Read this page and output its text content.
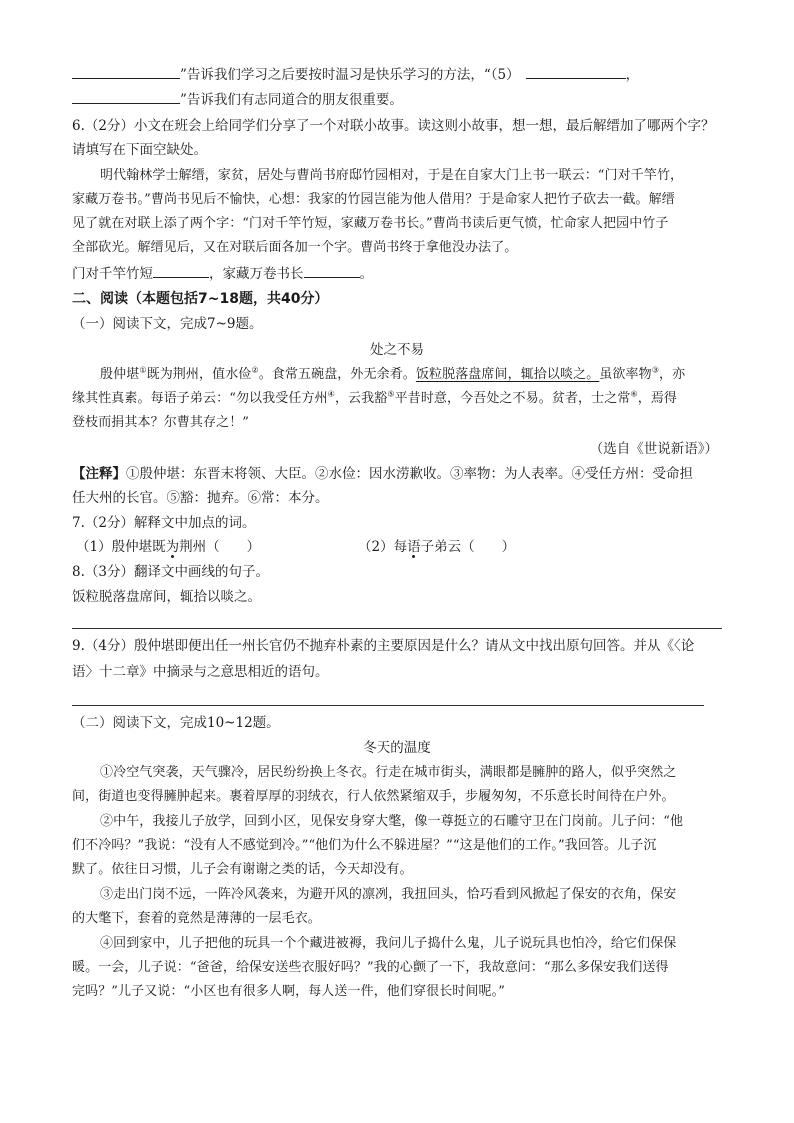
”告诉我们学习之后要按时温习是快乐学习的方法，“（5）	，
”告诉我们有志同道合的朋友很重要。
6.（2分）小文在班会上给同学们分享了一个对联小故事。读这则小故事，想一想，最后解缙加了哪两个字？
请填写在下面空缺处。
明代翰林学士解缙，家贫，居处与曹尚书府邸竹园相对，于是在自家大门上书一联云：“门对千竿竹，
家藏万卷书。”曹尚书见后不愉快，心想：我家的竹园岂能为他人借用？于是命家人把竹子砍去一截。解缙
见了就在对联上添了两个字：“门对千竿竹短，家藏万卷书长。”曹尚书读后更气愤，忙命家人把园中竹子
全部砍光。解缙见后，又在对联后面各加一个字。曹尚书终于拿他没办法了。
门对千竿竹短	，家藏万卷书长	。
二、阅读（本题包括7~18题，共40分）
（一）阅读下文，完成7~9题。
处之不易
殷仲堪①既为荆州，值水俭②。食常五碗盘，外无余肴。饭粒脱落盘席间，辄拾以啖之。虽欲率物③，亦
缘其性真素。每语子弟云：“勿以我受任方州④，云我豁⑤平昔时意，今吾处之不易。贫者，士之常⑥，焉得
登枝而捐其本？尔曹其存之！”
（选自《世说新语》）
【注释】①殷仲堪：东晋末将领、大臣。②水俭：因水涝歉收。③率物：为人表率。④受任方州：受命担
任大州的长官。⑤豁：抛弃。⑥常：本分。
7.（2分）解释文中加点的词。
（1）殷仲堪既为荆州（　　）	（2）每语子弟云（　　）
8.（3分）翻译文中画线的句子。
饭粒脱落盘席间，辄拾以啖之。
9.（4分）殷仲堪即便出任一州长官仍不抛弃朴素的主要原因是什么？请从文中找出原句回答。并从《〈论
语〉十二章》中摘录与之意思相近的语句。
（二）阅读下文，完成10~12题。
冬天的温度
①冷空气突袭，天气骤冷，居民纷纷换上冬衣。行走在城市街头，满眼都是臃肿的路人，似乎突然之
间，街道也变得臃肿起来。裹着厚厚的羽绒衣，行人依然紧缩双手，步履匆匆，不乐意长时间待在户外。
②中午，我接儿子放学，回到小区，见保安身穿大氅，像一尊挺立的石雕守卫在门岗前。儿子问：“他
们不冷吗？”我说：“没有人不感觉到冷。”“他们为什么不躲进屋？”“这是他们的工作。”我回答。儿子沉
默了。依往日习惯，儿子会有谢谢之类的话，今天却没有。
③走出门岗不远，一阵冷风袭来，为避开风的凛冽，我扭回头，恰巧看到风掀起了保安的衣角，保安
的大氅下，套着的竟然是薄薄的一层毛衣。
④回到家中，儿子把他的玩具一个个藏进被褥，我问儿子捣什么鬼，儿子说玩具也怕冷，给它们保保
暖。一会，儿子说：“爸爸，给保安送些衣服好吗？”我的心颤了一下，我故意问：“那么多保安我们送得
完吗？”儿子又说：“小区也有很多人啊，每人送一件，他们穿很长时间呢。”
